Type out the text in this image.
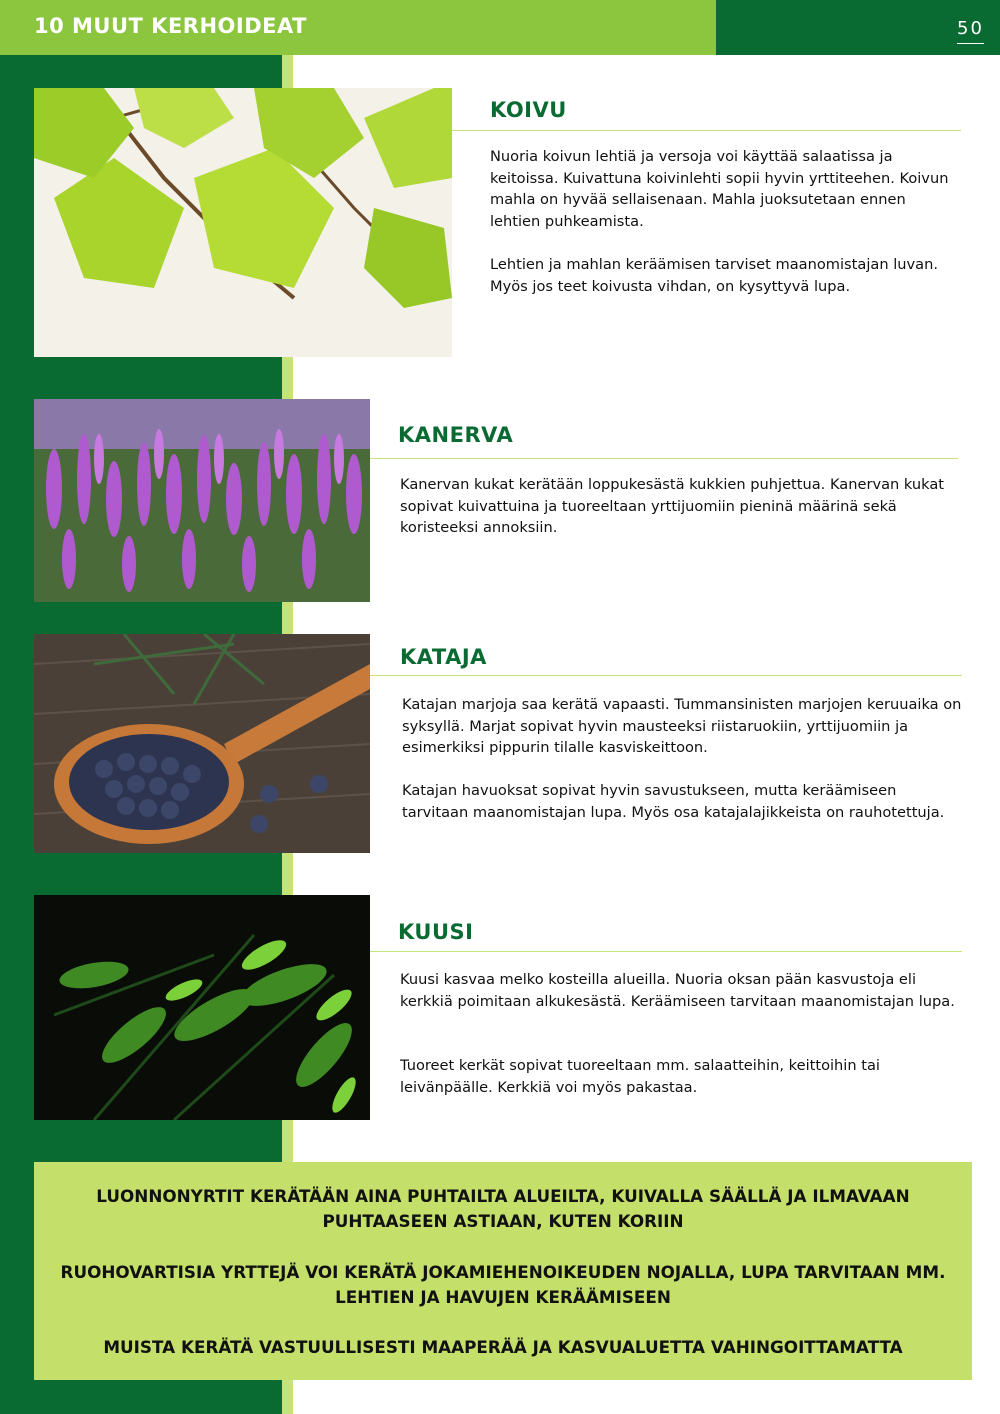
10 MUUT KERHOIDEAT	50
KOIVU
Nuoria koivun lehtiä ja versoja voi käyttää salaatissa ja keitoissa. Kuivattuna koivinlehti sopii hyvin yrttiteehen. Koivun mahla on hyvää sellaisenaan. Mahla juoksutetaan ennen lehtien puhkeamista.
Lehtien ja mahlan keräämisen tarviset maanomistajan luvan. Myös jos teet koivusta vihdan, on kysyttyvä lupa.
KANERVA
Kanervan kukat kerätään loppukesästä kukkien puhjettua. Kanervan kukat sopivat kuivattuina ja tuoreeltaan yrttijuomiin pieninä määrinä sekä koristeeksi annoksiin.
KATAJA
Katajan marjoja saa kerätä vapaasti. Tummansinisten marjojen keruuaika on syksyllä. Marjat sopivat hyvin mausteeksi riistaruokiin, yrttijuomiin ja esimerkiksi pippurin tilalle kasviskeittoon.
Katajan havuoksat sopivat hyvin savustukseen, mutta keräämiseen tarvitaan maanomistajan lupa. Myös osa katajalajikkeista on rauhotettuja.
KUUSI
Kuusi kasvaa melko kosteilla alueilla. Nuoria oksan pään kasvustoja eli kerkkiä poimitaan alkukesästä. Keräämiseen tarvitaan maanomistajan lupa.
Tuoreet kerkät sopivat tuoreeltaan mm. salaatteihin, keittoihin tai leivänpäälle. Kerkkiä voi myös pakastaa.

LUONNONYRTIT KERÄTÄÄN AINA PUHTAILTA ALUEILTA, KUIVALLA SÄÄLLÄ JA ILMAVAAN PUHTAASEEN ASTIAAN, KUTEN KORIIN

RUOHOVARTISIA YRTTEJÄ VOI KERÄTÄ JOKAMIEHENOIKEUDEN NOJALLA, LUPA TARVITAAN MM. LEHTIEN JA HAVUJEN KERÄÄMISEEN

MUISTA KERÄTÄ VASTUULLISESTI MAAPERÄÄ JA KASVUALUETTA VAHINGOITTAMATTA
